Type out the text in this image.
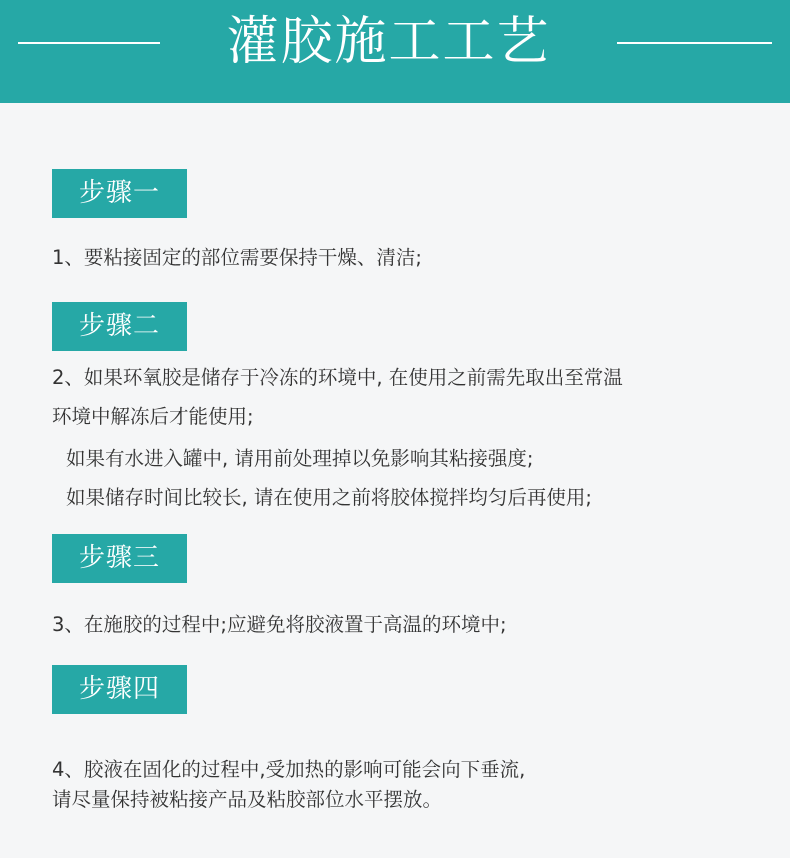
灌胶施工工艺
步骤一
1、要粘接固定的部位需要保持干燥、清洁;
步骤二
2、如果环氧胶是储存于冷冻的环境中, 在使用之前需先取出至常温
环境中解冻后才能使用;
如果有水进入罐中, 请用前处理掉以免影响其粘接强度;
如果储存时间比较长, 请在使用之前将胶体搅拌均匀后再使用;
步骤三
3、在施胶的过程中;应避免将胶液置于高温的环境中;
步骤四
4、胶液在固化的过程中,受加热的影响可能会向下垂流,
请尽量保持被粘接产品及粘胶部位水平摆放。
